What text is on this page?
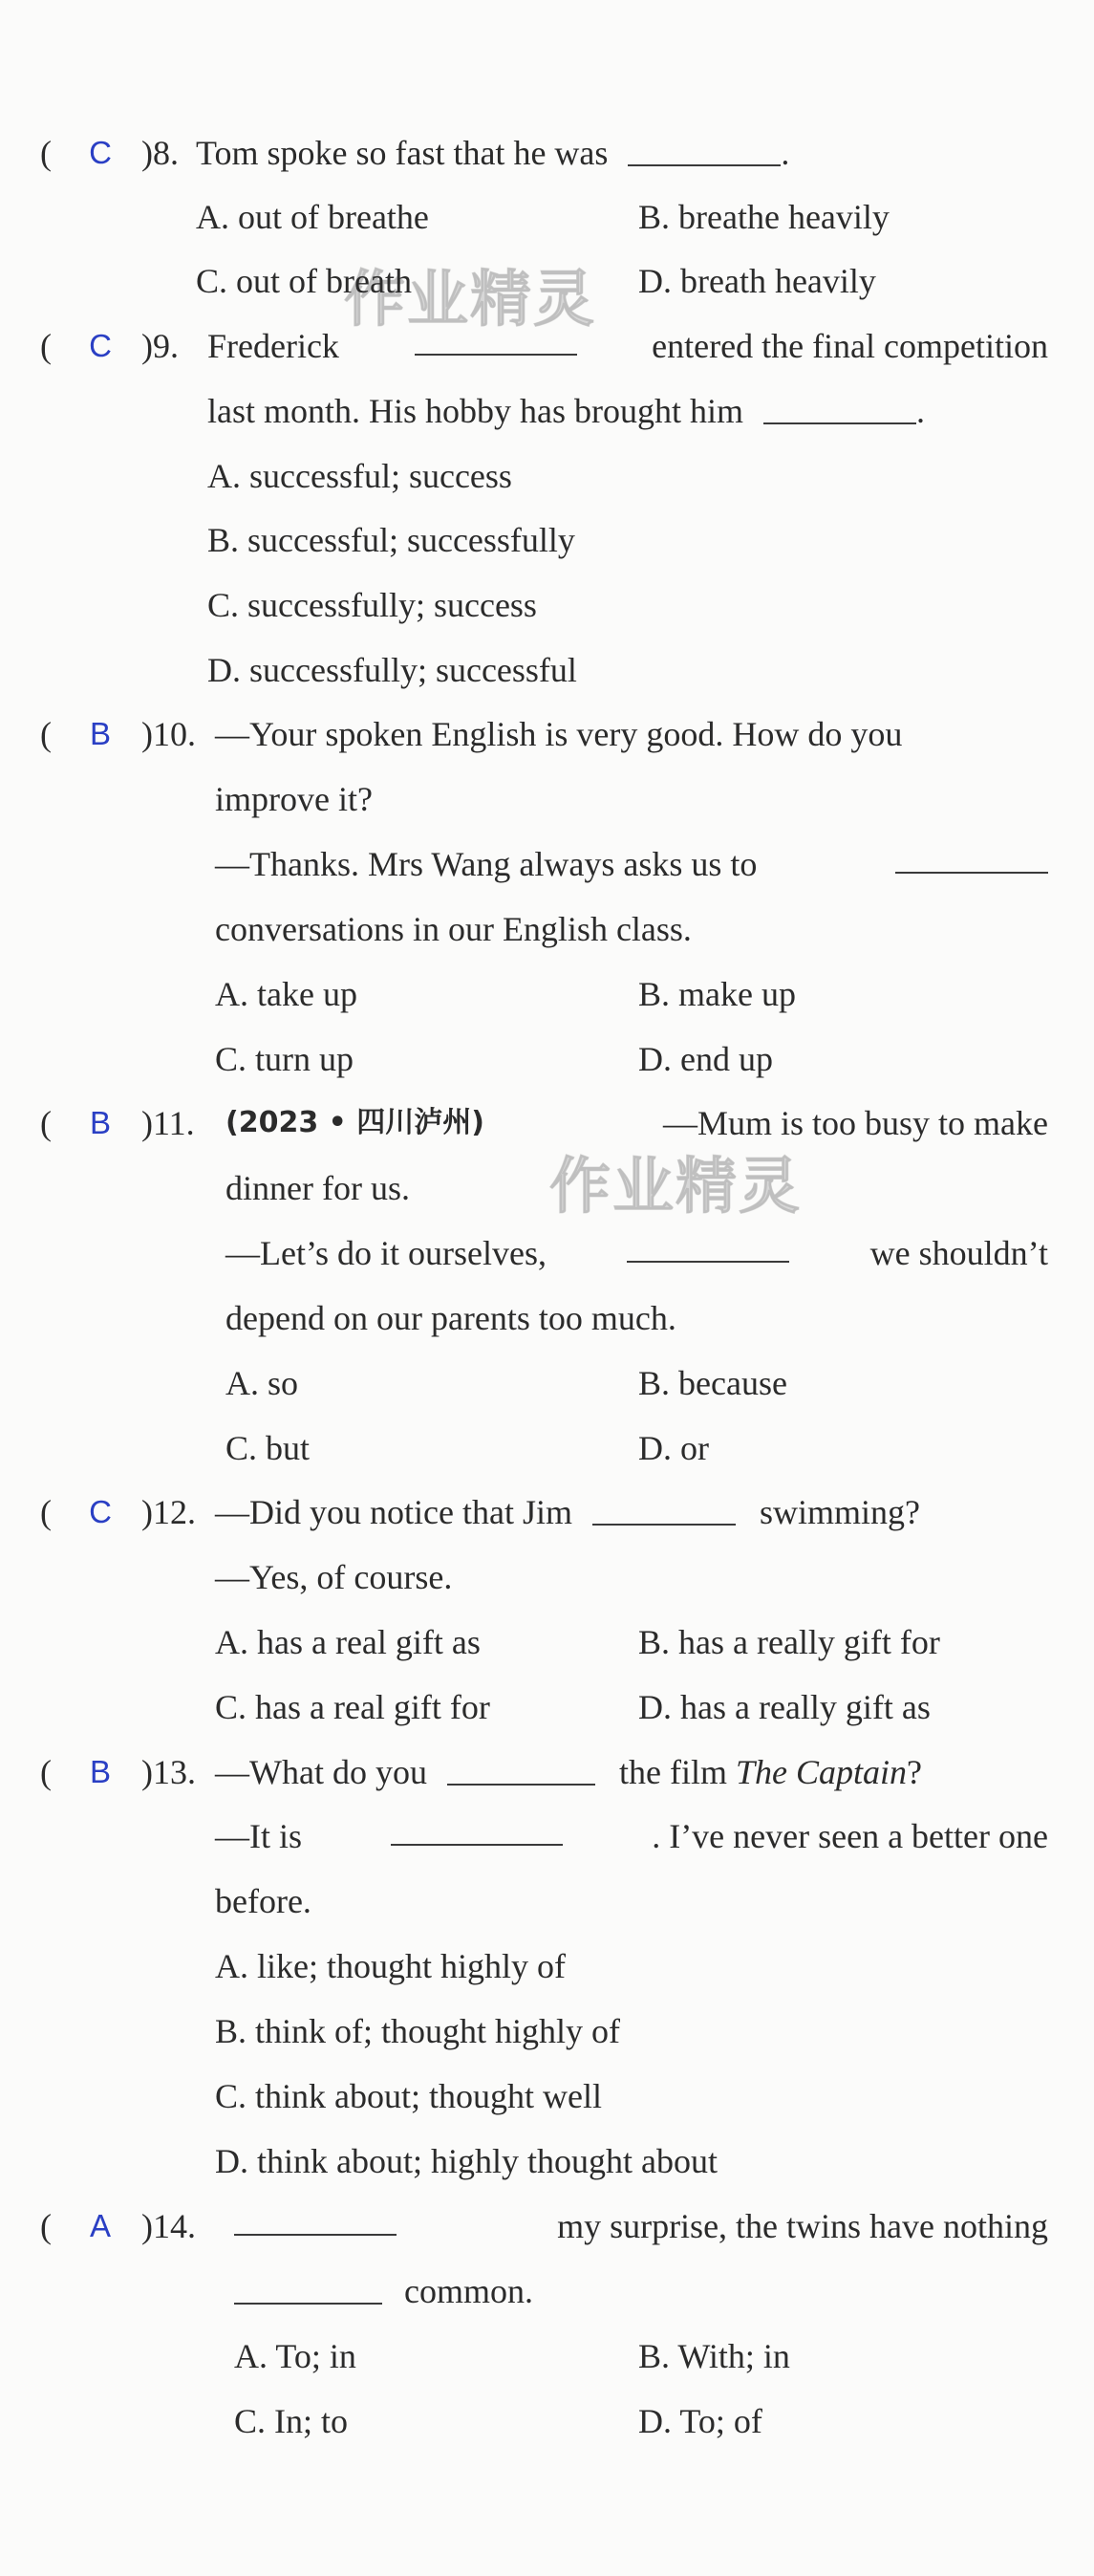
作业精灵
作业精灵
( C )8. Tom spoke so fast that he was	.
A. out of breathe	B. breathe heavily
C. out of breath	D. breath heavily
( C )9. Frederick	entered the final competition
last month. His hobby has brought him	.
A. successful; success
B. successful; successfully
C. successfully; success
D. successfully; successful
( B )10. —Your spoken English is very good. How do you
improve it?
—Thanks. Mrs Wang always asks us to
conversations in our English class.
A. take up	B. make up
C. turn up	D. end up
( B )11. (2023 • 四川泸州)	—Mum is too busy to make
dinner for us.
—Let’s do it ourselves,	we shouldn’t
depend on our parents too much.
A. so	B. because
C. but	D. or
( C )12. —Did you notice that Jim	swimming?
—Yes, of course.
A. has a real gift as	B. has a really gift for
C. has a real gift for	D. has a really gift as
( B )13. —What do you	the film The Captain?
—It is	. I’ve never seen a better one
before.
A. like; thought highly of
B. think of; thought highly of
C. think about; thought well
D. think about; highly thought about
( A )14.	my surprise, the twins have nothing
common.
A. To; in	B. With; in
C. In; to	D. To; of
